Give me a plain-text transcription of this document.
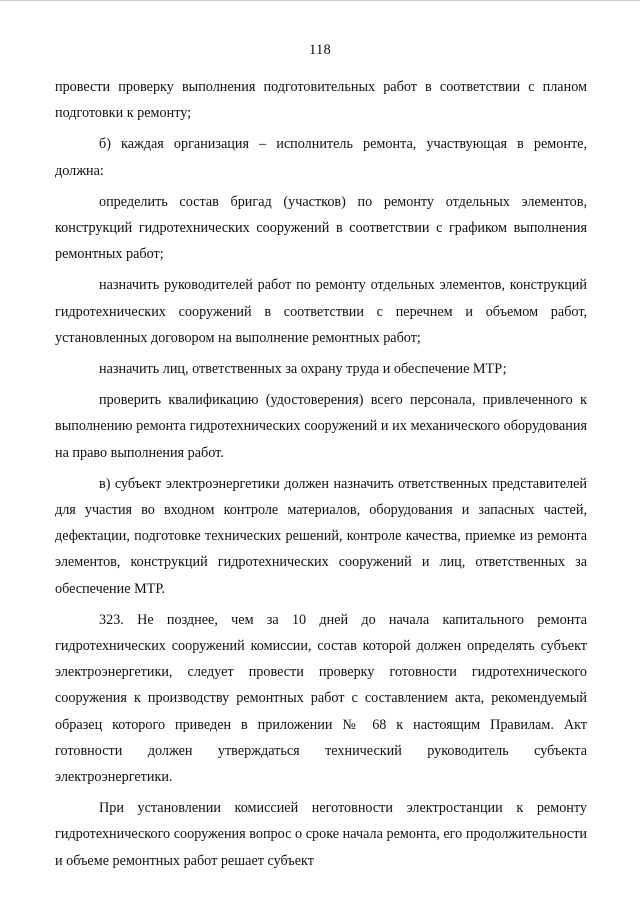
118

провести проверку выполнения подготовительных работ в соответствии с планом подготовки к ремонту;

б) каждая организация – исполнитель ремонта, участвующая в ремонте, должна:

определить состав бригад (участков) по ремонту отдельных элементов, конструкций гидротехнических сооружений в соответствии с графиком выполнения ремонтных работ;

назначить руководителей работ по ремонту отдельных элементов, конструкций гидротехнических сооружений в соответствии с перечнем и объемом работ, установленных договором на выполнение ремонтных работ;

назначить лиц, ответственных за охрану труда и обеспечение МТР;

проверить квалификацию (удостоверения) всего персонала, привлеченного к выполнению ремонта гидротехнических сооружений и их механического оборудования на право выполнения работ.

в) субъект электроэнергетики должен назначить ответственных представителей для участия во входном контроле материалов, оборудования и запасных частей, дефектации, подготовке технических решений, контроле качества, приемке из ремонта элементов, конструкций гидротехнических сооружений и лиц, ответственных за обеспечение МТР.

323. Не позднее, чем за 10 дней до начала капитального ремонта гидротехнических сооружений комиссии, состав которой должен определять субъект электроэнергетики, следует провести проверку готовности гидротехнического сооружения к производству ремонтных работ с составлением акта, рекомендуемый образец которого приведен в приложении № 68 к настоящим Правилам. Акт готовности должен утверждаться технический руководитель субъекта электроэнергетики.

При установлении комиссией неготовности электростанции к ремонту гидротехнического сооружения вопрос о сроке начала ремонта, его продолжительности и объеме ремонтных работ решает субъект
